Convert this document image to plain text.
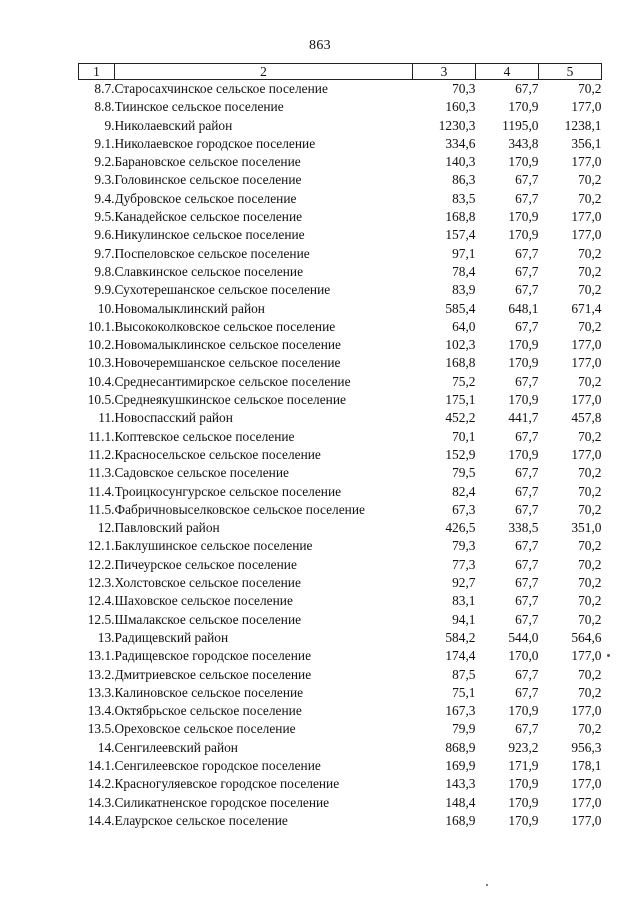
863
1	2	3	4	5
8.7.	Старосахчинское сельское поселение	70,3	67,7	70,2
8.8.	Тиинское сельское поселение	160,3	170,9	177,0
9.	Николаевский район	1230,3	1195,0	1238,1
9.1.	Николаевское городское поселение	334,6	343,8	356,1
9.2.	Барановское сельское поселение	140,3	170,9	177,0
9.3.	Головинское сельское поселение	86,3	67,7	70,2
9.4.	Дубровское сельское поселение	83,5	67,7	70,2
9.5.	Канадейское сельское поселение	168,8	170,9	177,0
9.6.	Никулинское сельское поселение	157,4	170,9	177,0
9.7.	Поспеловское сельское поселение	97,1	67,7	70,2
9.8.	Славкинское сельское поселение	78,4	67,7	70,2
9.9.	Сухотерешанское сельское поселение	83,9	67,7	70,2
10.	Новомалыклинский район	585,4	648,1	671,4
10.1.	Высококолковское сельское поселение	64,0	67,7	70,2
10.2.	Новомалыклинское сельское поселение	102,3	170,9	177,0
10.3.	Новочеремшанское сельское поселение	168,8	170,9	177,0
10.4.	Среднесантимирское сельское поселение	75,2	67,7	70,2
10.5.	Среднеякушкинское сельское поселение	175,1	170,9	177,0
11.	Новоспасский район	452,2	441,7	457,8
11.1.	Коптевское сельское поселение	70,1	67,7	70,2
11.2.	Красносельское сельское поселение	152,9	170,9	177,0
11.3.	Садовское сельское поселение	79,5	67,7	70,2
11.4.	Троицкосунгурское сельское поселение	82,4	67,7	70,2
11.5.	Фабричновыселковское сельское поселение	67,3	67,7	70,2
12.	Павловский район	426,5	338,5	351,0
12.1.	Баклушинское сельское поселение	79,3	67,7	70,2
12.2.	Пичеурское сельское поселение	77,3	67,7	70,2
12.3.	Холстовское сельское поселение	92,7	67,7	70,2
12.4.	Шаховское сельское поселение	83,1	67,7	70,2
12.5.	Шмалакское сельское поселение	94,1	67,7	70,2
13.	Радищевский район	584,2	544,0	564,6
13.1.	Радищевское городское поселение	174,4	170,0	177,0
13.2.	Дмитриевское сельское поселение	87,5	67,7	70,2
13.3.	Калиновское сельское поселение	75,1	67,7	70,2
13.4.	Октябрьское сельское поселение	167,3	170,9	177,0
13.5.	Ореховское сельское поселение	79,9	67,7	70,2
14.	Сенгилеевский район	868,9	923,2	956,3
14.1.	Сенгилеевское городское поселение	169,9	171,9	178,1
14.2.	Красногуляевское городское поселение	143,3	170,9	177,0
14.3.	Силикатненское городское поселение	148,4	170,9	177,0
14.4.	Елаурское сельское поселение	168,9	170,9	177,0
